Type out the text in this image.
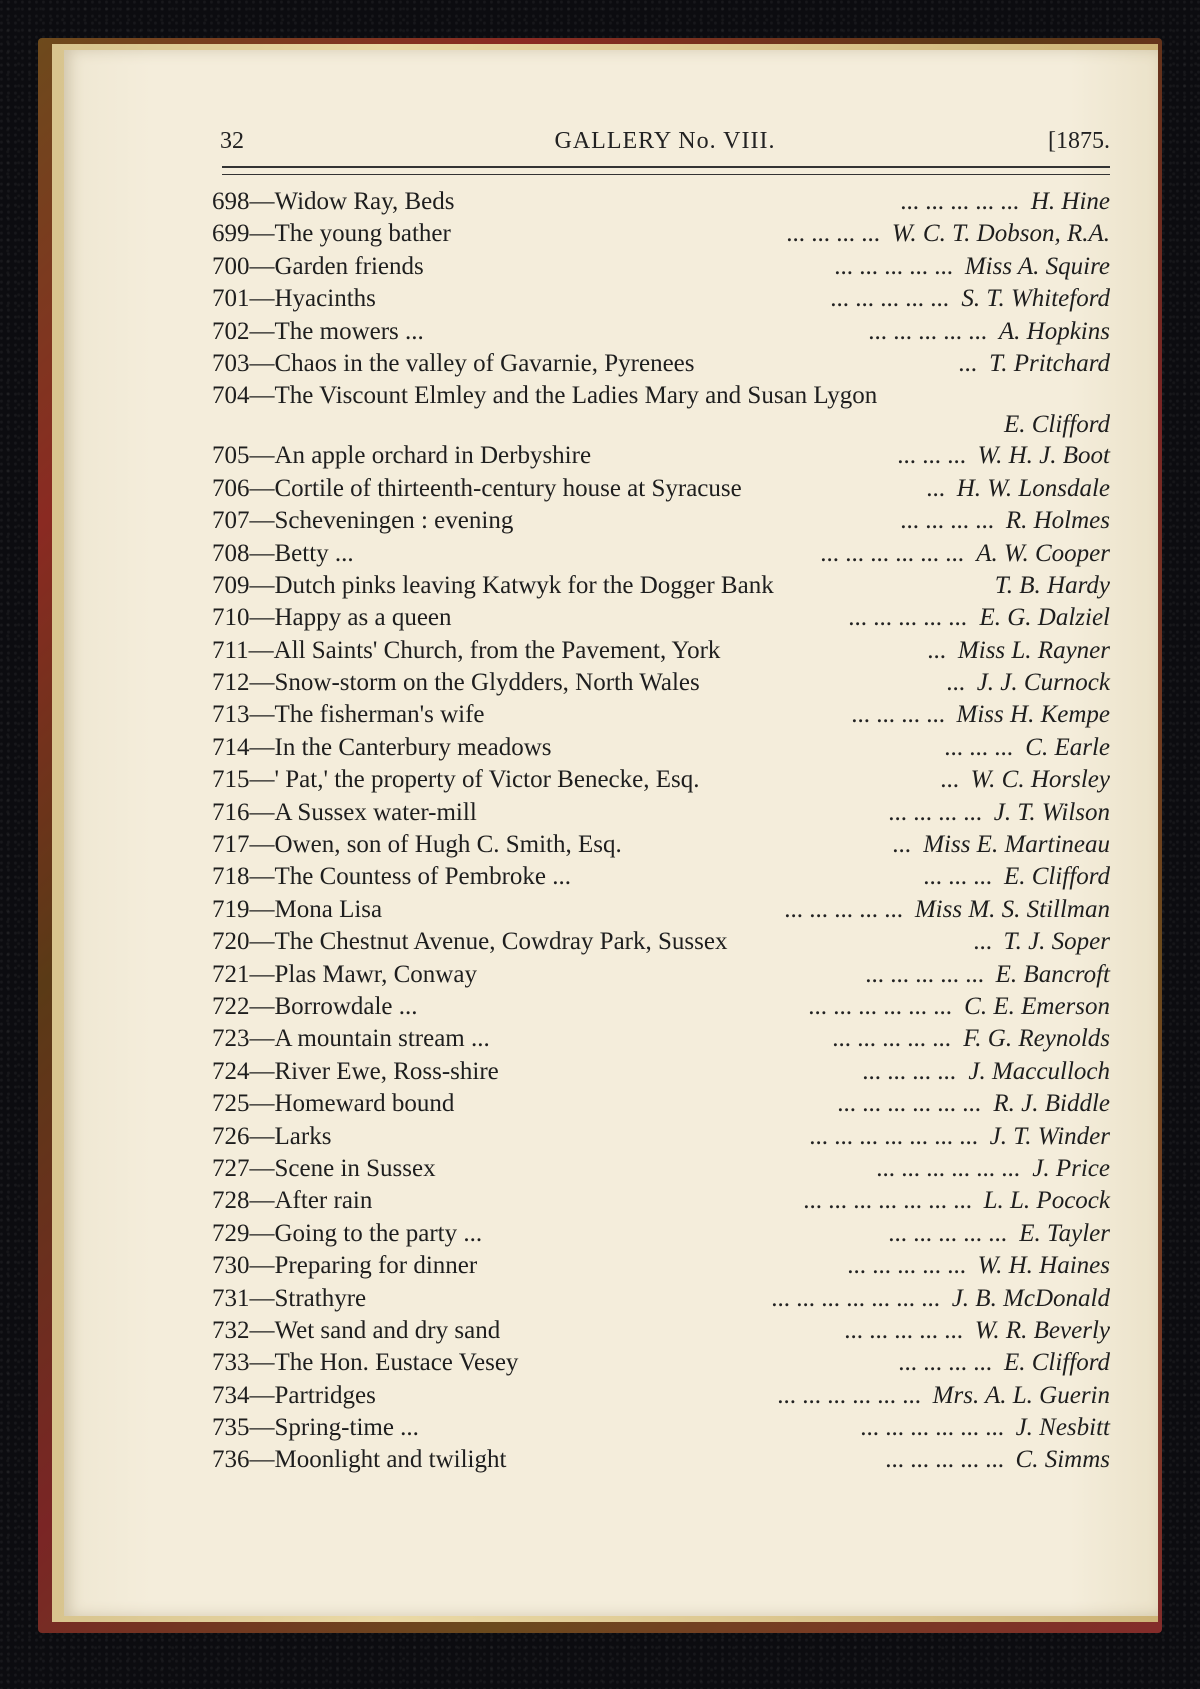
32	GALLERY No. VIII.	[1875.
698—Widow Ray, Beds	... ... ... ... ... H. Hine
699—The young bather	... ... ... ... W. C. T. Dobson, R.A.
700—Garden friends	... ... ... ... ... Miss A. Squire
701—Hyacinths	... ... ... ... ... S. T. Whiteford
702—The mowers ...	... ... ... ... ... A. Hopkins
703—Chaos in the valley of Gavarnie, Pyrenees	... T. Pritchard
704—The Viscount Elmley and the Ladies Mary and Susan Lygon
E. Clifford
705—An apple orchard in Derbyshire	... ... ... W. H. J. Boot
706—Cortile of thirteenth-century house at Syracuse	... H. W. Lonsdale
707—Scheveningen : evening	... ... ... ... R. Holmes
708—Betty ...	... ... ... ... ... ... A. W. Cooper
709—Dutch pinks leaving Katwyk for the Dogger Bank	T. B. Hardy
710—Happy as a queen	... ... ... ... ... E. G. Dalziel
711—All Saints' Church, from the Pavement, York	... Miss L. Rayner
712—Snow-storm on the Glydders, North Wales	... J. J. Curnock
713—The fisherman's wife	... ... ... ... Miss H. Kempe
714—In the Canterbury meadows	... ... ... C. Earle
715—' Pat,' the property of Victor Benecke, Esq.	... W. C. Horsley
716—A Sussex water-mill	... ... ... ... J. T. Wilson
717—Owen, son of Hugh C. Smith, Esq.	... Miss E. Martineau
718—The Countess of Pembroke ...	... ... ... E. Clifford
719—Mona Lisa	... ... ... ... ... Miss M. S. Stillman
720—The Chestnut Avenue, Cowdray Park, Sussex	... T. J. Soper
721—Plas Mawr, Conway	... ... ... ... ... E. Bancroft
722—Borrowdale ...	... ... ... ... ... ... C. E. Emerson
723—A mountain stream ...	... ... ... ... ... F. G. Reynolds
724—River Ewe, Ross-shire	... ... ... ... J. Macculloch
725—Homeward bound	... ... ... ... ... ... R. J. Biddle
726—Larks	... ... ... ... ... ... ... J. T. Winder
727—Scene in Sussex	... ... ... ... ... ... J. Price
728—After rain	... ... ... ... ... ... ... L. L. Pocock
729—Going to the party ...	... ... ... ... ... E. Tayler
730—Preparing for dinner	... ... ... ... ... W. H. Haines
731—Strathyre	... ... ... ... ... ... ... J. B. McDonald
732—Wet sand and dry sand	... ... ... ... ... W. R. Beverly
733—The Hon. Eustace Vesey	... ... ... ... E. Clifford
734—Partridges	... ... ... ... ... ... Mrs. A. L. Guerin
735—Spring-time ...	... ... ... ... ... ... J. Nesbitt
736—Moonlight and twilight	... ... ... ... ... C. Simms
